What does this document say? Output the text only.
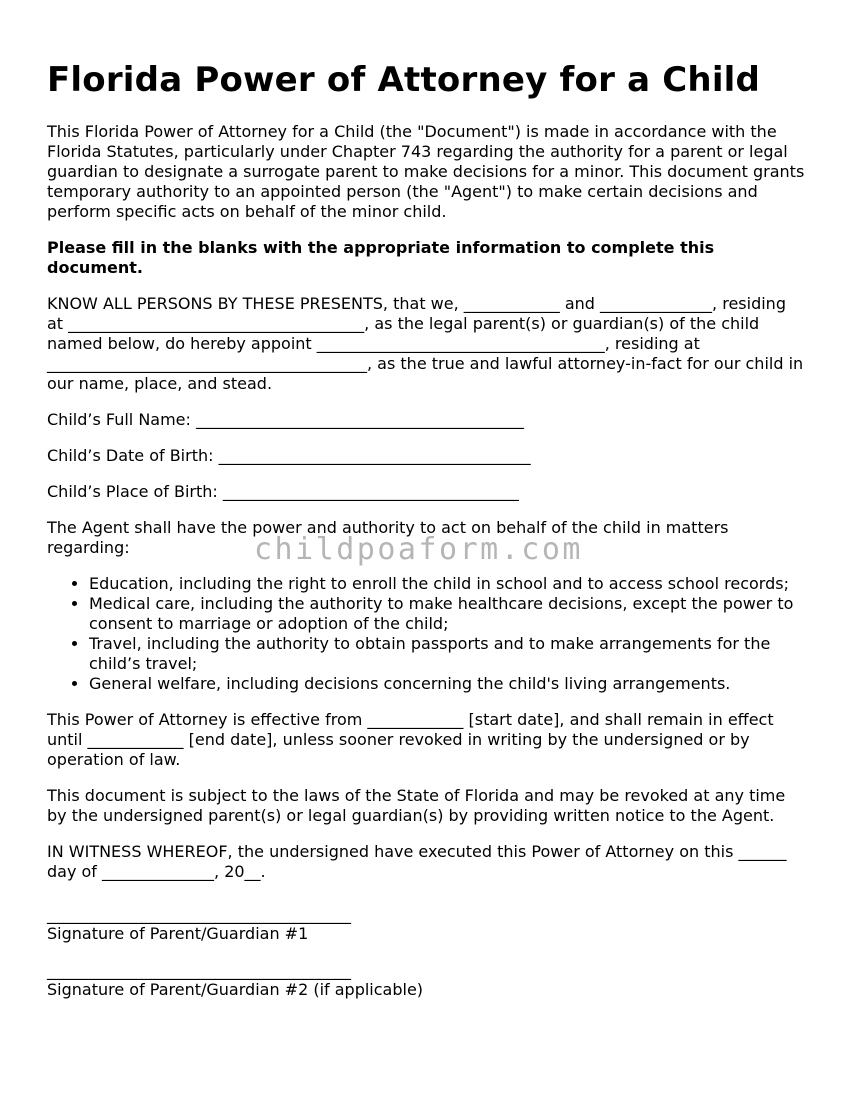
Florida Power of Attorney for a Child

This Florida Power of Attorney for a Child (the "Document") is made in accordance with the Florida Statutes, particularly under Chapter 743 regarding the authority for a parent or legal guardian to designate a surrogate parent to make decisions for a minor. This document grants temporary authority to an appointed person (the "Agent") to make certain decisions and perform specific acts on behalf of the minor child.

Please fill in the blanks with the appropriate information to complete this document.

KNOW ALL PERSONS BY THESE PRESENTS, that we, ____________ and ______________, residing at _____________________________________, as the legal parent(s) or guardian(s) of the child named below, do hereby appoint ____________________________________, residing at ________________________________________, as the true and lawful attorney-in-fact for our child in our name, place, and stead.

Child’s Full Name: _________________________________________
Child’s Date of Birth: _______________________________________
Child’s Place of Birth: _____________________________________

The Agent shall have the power and authority to act on behalf of the child in matters regarding:

• Education, including the right to enroll the child in school and to access school records;
• Medical care, including the authority to make healthcare decisions, except the power to consent to marriage or adoption of the child;
• Travel, including the authority to obtain passports and to make arrangements for the child’s travel;
• General welfare, including decisions concerning the child's living arrangements.

This Power of Attorney is effective from ____________ [start date], and shall remain in effect until ____________ [end date], unless sooner revoked in writing by the undersigned or by operation of law.

This document is subject to the laws of the State of Florida and may be revoked at any time by the undersigned parent(s) or legal guardian(s) by providing written notice to the Agent.

IN WITNESS WHEREOF, the undersigned have executed this Power of Attorney on this ______ day of ______________, 20__.

______________________________________
Signature of Parent/Guardian #1
______________________________________
Signature of Parent/Guardian #2 (if applicable)
childpoaform.com
